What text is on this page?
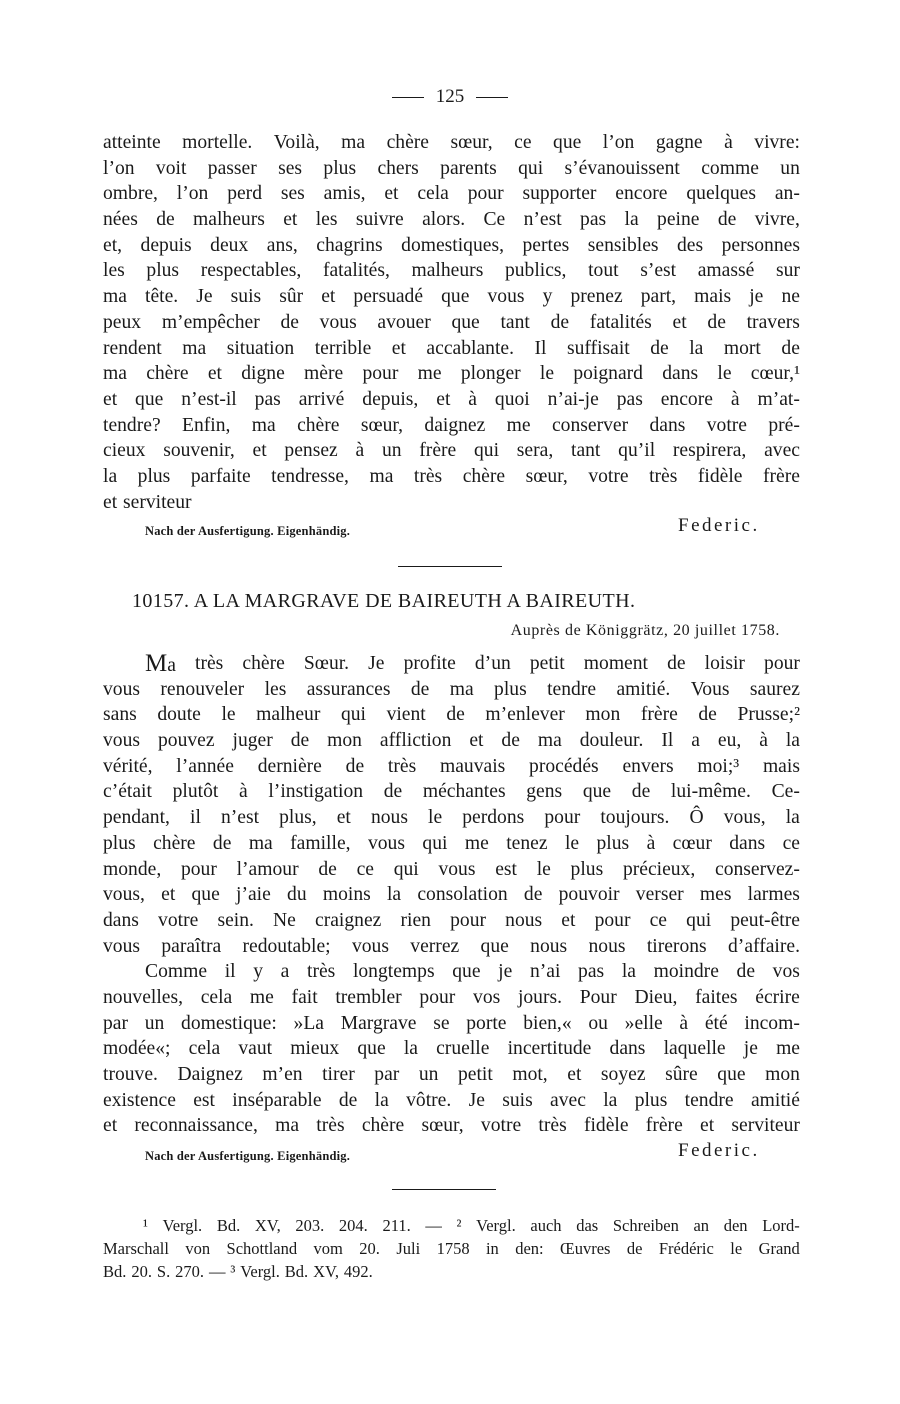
125
atteinte mortelle. Voilà, ma chère sœur, ce que l’on gagne à vivre:
l’on voit passer ses plus chers parents qui s’évanouissent comme un
ombre, l’on perd ses amis, et cela pour supporter encore quelques an-
nées de malheurs et les suivre alors. Ce n’est pas la peine de vivre,
et, depuis deux ans, chagrins domestiques, pertes sensibles des personnes
les plus respectables, fatalités, malheurs publics, tout s’est amassé sur
ma tête. Je suis sûr et persuadé que vous y prenez part, mais je ne
peux m’empêcher de vous avouer que tant de fatalités et de travers
rendent ma situation terrible et accablante. Il suffisait de la mort de
ma chère et digne mère pour me plonger le poignard dans le cœur,¹
et que n’est-il pas arrivé depuis, et à quoi n’ai-je pas encore à m’at-
tendre? Enfin, ma chère sœur, daignez me conserver dans votre pré-
cieux souvenir, et pensez à un frère qui sera, tant qu’il respirera, avec
la plus parfaite tendresse, ma très chère sœur, votre très fidèle frère
et serviteur
Nach der Ausfertigung. Eigenhändig.	Federic.
10157. A LA MARGRAVE DE BAIREUTH A BAIREUTH.
Auprès de Königgrätz, 20 juillet 1758.
Ma très chère Sœur. Je profite d’un petit moment de loisir pour
vous renouveler les assurances de ma plus tendre amitié. Vous saurez
sans doute le malheur qui vient de m’enlever mon frère de Prusse;²
vous pouvez juger de mon affliction et de ma douleur. Il a eu, à la
vérité, l’année dernière de très mauvais procédés envers moi;³ mais
c’était plutôt à l’instigation de méchantes gens que de lui-même. Ce-
pendant, il n’est plus, et nous le perdons pour toujours. Ô vous, la
plus chère de ma famille, vous qui me tenez le plus à cœur dans ce
monde, pour l’amour de ce qui vous est le plus précieux, conservez-
vous, et que j’aie du moins la consolation de pouvoir verser mes larmes
dans votre sein. Ne craignez rien pour nous et pour ce qui peut-être
vous paraîtra redoutable; vous verrez que nous nous tirerons d’affaire.
Comme il y a très longtemps que je n’ai pas la moindre de vos
nouvelles, cela me fait trembler pour vos jours. Pour Dieu, faites écrire
par un domestique: »La Margrave se porte bien,« ou »elle à été incom-
modée«; cela vaut mieux que la cruelle incertitude dans laquelle je me
trouve. Daignez m’en tirer par un petit mot, et soyez sûre que mon
existence est inséparable de la vôtre. Je suis avec la plus tendre amitié
et reconnaissance, ma très chère sœur, votre très fidèle frère et serviteur
Nach der Ausfertigung. Eigenhändig.	Federic.
¹ Vergl. Bd. XV, 203. 204. 211. — ² Vergl. auch das Schreiben an den Lord-
Marschall von Schottland vom 20. Juli 1758 in den: Œuvres de Frédéric le Grand
Bd. 20. S. 270. — ³ Vergl. Bd. XV, 492.
